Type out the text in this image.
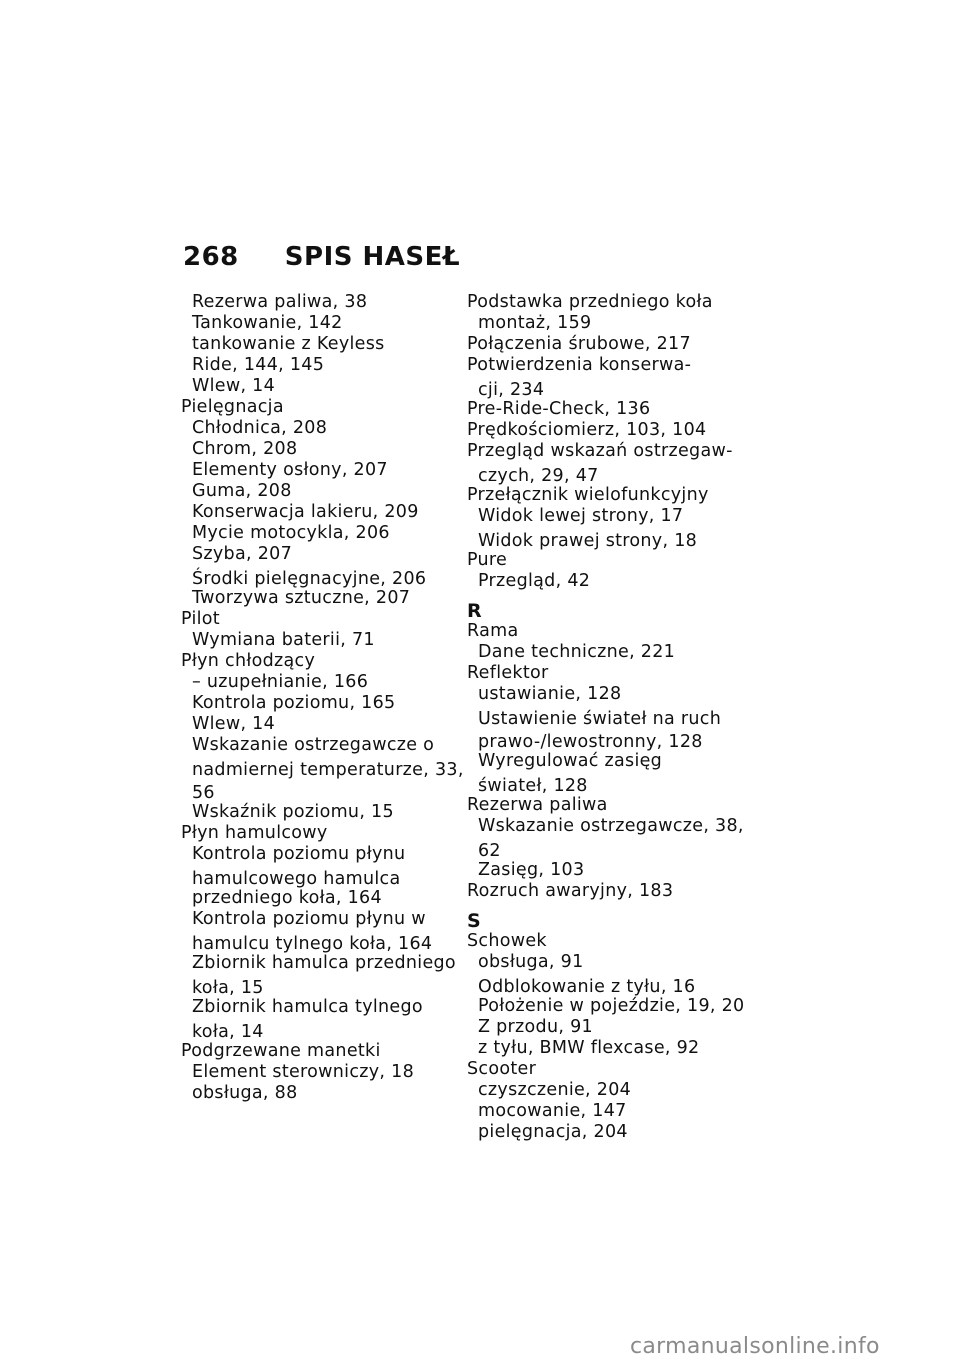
268 SPIS HASEŁ
Rezerwa paliwa, 38
Tankowanie, 142
tankowanie z Keyless
Ride, 144, 145
Wlew, 14
Pielęgnacja
Chłodnica, 208
Chrom, 208
Elementy osłony, 207
Guma, 208
Konserwacja lakieru, 209
Mycie motocykla, 206
Szyba, 207
Środki pielęgnacyjne, 206
Tworzywa sztuczne, 207
Pilot
Wymiana baterii, 71
Płyn chłodzący
– uzupełnianie, 166
Kontrola poziomu, 165
Wlew, 14
Wskazanie ostrzegawcze o
nadmiernej temperaturze, 33,
56
Wskaźnik poziomu, 15
Płyn hamulcowy
Kontrola poziomu płynu
hamulcowego hamulca
przedniego koła, 164
Kontrola poziomu płynu w
hamulcu tylnego koła, 164
Zbiornik hamulca przedniego
koła, 15
Zbiornik hamulca tylnego
koła, 14
Podgrzewane manetki
Element sterowniczy, 18
obsługa, 88
Podstawka przedniego koła
montaż, 159
Połączenia śrubowe, 217
Potwierdzenia konserwa-
cji, 234
Pre-Ride-Check, 136
Prędkościomierz, 103, 104
Przegląd wskazań ostrzegaw-
czych, 29, 47
Przełącznik wielofunkcyjny
Widok lewej strony, 17
Widok prawej strony, 18
Pure
Przegląd, 42
R
Rama
Dane techniczne, 221
Reflektor
ustawianie, 128
Ustawienie świateł na ruch
prawo-/lewostronny, 128
Wyregulować zasięg
świateł, 128
Rezerwa paliwa
Wskazanie ostrzegawcze, 38,
62
Zasięg, 103
Rozruch awaryjny, 183
S
Schowek
obsługa, 91
Odblokowanie z tyłu, 16
Położenie w pojeździe, 19, 20
Z przodu, 91
z tyłu, BMW flexcase, 92
Scooter
czyszczenie, 204
mocowanie, 147
pielęgnacja, 204
carmanualsonline.info
